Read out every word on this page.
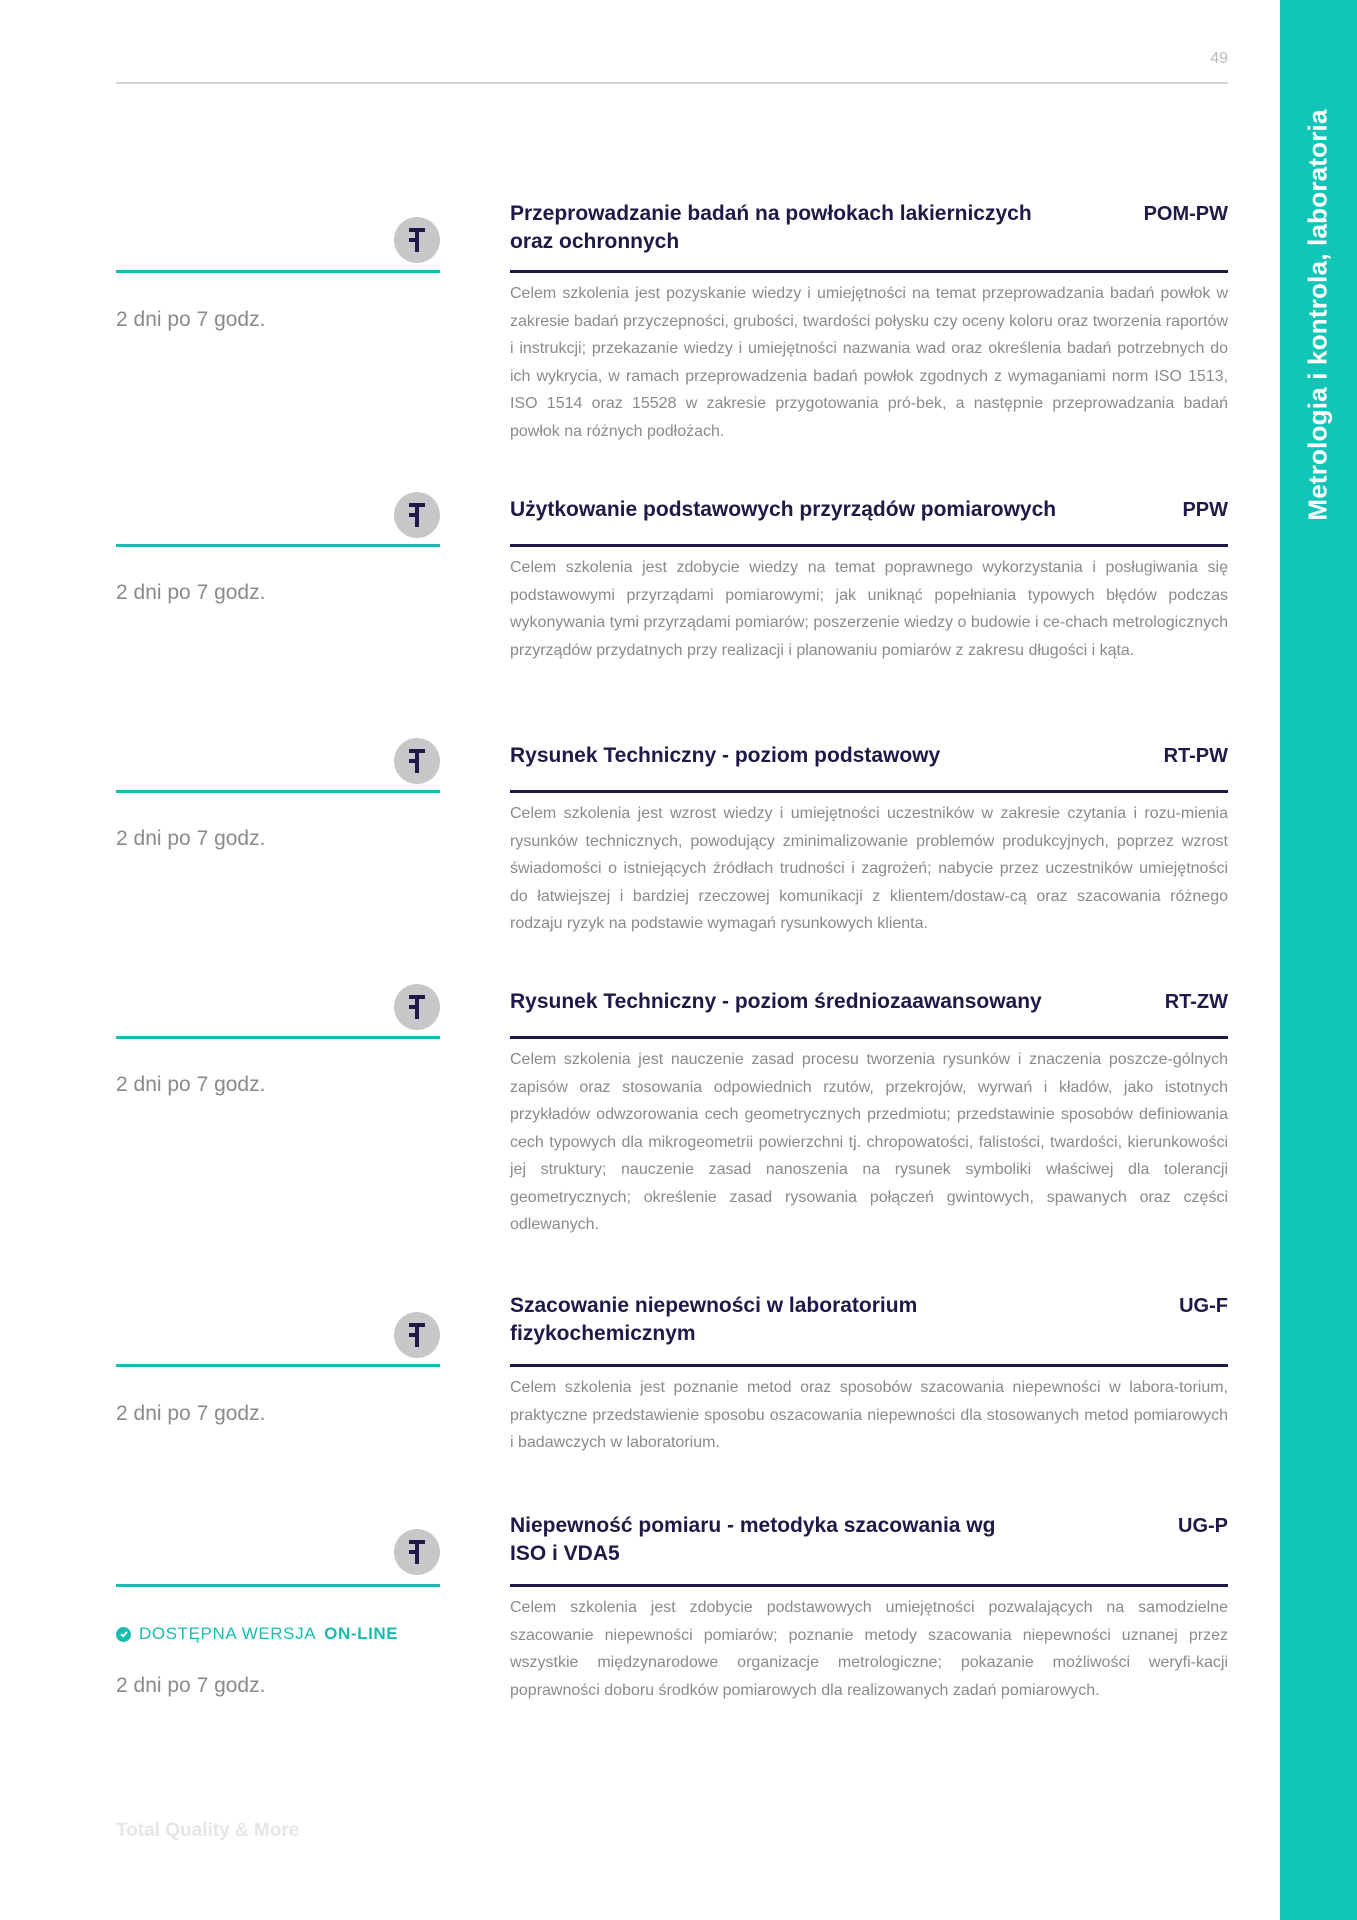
49
Metrologia i kontrola, laboratoria
2 dni po 7 godz.
Przeprowadzanie badań na powłokach lakierniczych oraz ochronnych
POM-PW

Celem szkolenia jest pozyskanie wiedzy i umiejętności na temat przeprowadzania badań powłok w zakresie badań przyczepności, grubości, twardości połysku czy oceny koloru oraz tworzenia raportów i instrukcji; przekazanie wiedzy i umiejętności nazwania wad oraz określenia badań potrzebnych do ich wykrycia, w ramach przeprowadzenia badań powłok zgodnych z wymaganiami norm ISO 1513, ISO 1514 oraz 15528 w zakresie przygotowania pró-bek, a następnie przeprowadzania badań powłok na różnych podłożach.

2 dni po 7 godz.
Użytkowanie podstawowych przyrządów pomiarowych	PPW

Celem szkolenia jest zdobycie wiedzy na temat poprawnego wykorzystania i posługiwania się podstawowymi przyrządami pomiarowymi; jak uniknąć popełniania typowych błędów podczas wykonywania tymi przyrządami pomiarów; poszerzenie wiedzy o budowie i ce-chach metrologicznych przyrządów przydatnych przy realizacji i planowaniu pomiarów z zakresu długości i kąta.

2 dni po 7 godz.
Rysunek Techniczny - poziom podstawowy	RT-PW

Celem szkolenia jest wzrost wiedzy i umiejętności uczestników w zakresie czytania i rozu-mienia rysunków technicznych, powodujący zminimalizowanie problemów produkcyjnych, poprzez wzrost świadomości o istniejących źródłach trudności i zagrożeń; nabycie przez uczestników umiejętności do łatwiejszej i bardziej rzeczowej komunikacji z klientem/dostaw-cą oraz szacowania różnego rodzaju ryzyk na podstawie wymagań rysunkowych klienta.

2 dni po 7 godz.
Rysunek Techniczny - poziom średniozaawansowany	RT-ZW

Celem szkolenia jest nauczenie zasad procesu tworzenia rysunków i znaczenia poszcze-gólnych zapisów oraz stosowania odpowiednich rzutów, przekrojów, wyrwań i kładów, jako istotnych przykładów odwzorowania cech geometrycznych przedmiotu; przedstawinie sposobów definiowania cech typowych dla mikrogeometrii powierzchni tj. chropowatości, falistości, twardości, kierunkowości jej struktury; nauczenie zasad nanoszenia na rysunek symboliki właściwej dla tolerancji geometrycznych; określenie zasad rysowania połączeń gwintowych, spawanych oraz części odlewanych.

2 dni po 7 godz.
Szacowanie niepewności w laboratorium fizykochemicznym
UG-F

Celem szkolenia jest poznanie metod oraz sposobów szacowania niepewności w labora-torium, praktyczne przedstawienie sposobu oszacowania niepewności dla stosowanych metod pomiarowych i badawczych w laboratorium.

DOSTĘPNA WERSJA ON-LINE
2 dni po 7 godz.
Niepewność pomiaru - metodyka szacowania wg ISO i VDA5
UG-P

Celem szkolenia jest zdobycie podstawowych umiejętności pozwalających na samodzielne szacowanie niepewności pomiarów; poznanie metody szacowania niepewności uznanej przez wszystkie międzynarodowe organizacje metrologiczne; pokazanie możliwości weryfi-kacji poprawności doboru środków pomiarowych dla realizowanych zadań pomiarowych.

Total Quality & More
